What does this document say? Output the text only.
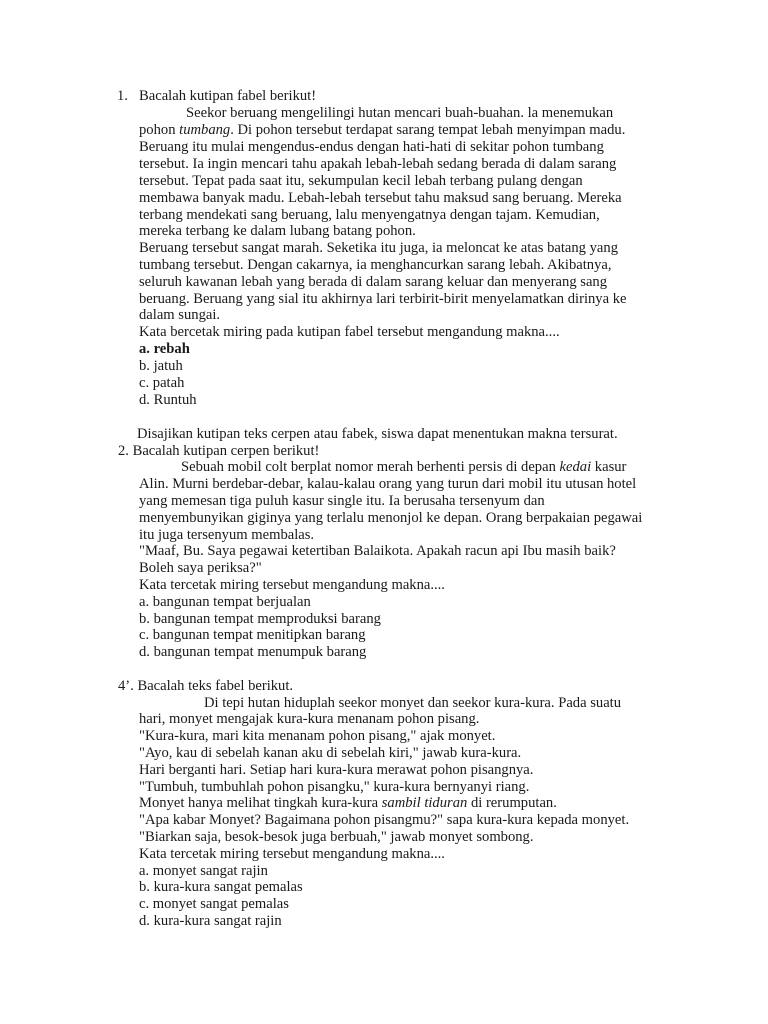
1. Bacalah kutipan fabel berikut!
Seekor beruang mengelilingi hutan mencari buah-buahan. la menemukan
pohon tumbang. Di pohon tersebut terdapat sarang tempat lebah menyimpan madu.
Beruang itu mulai mengendus-endus dengan hati-hati di sekitar pohon tumbang
tersebut. Ia ingin mencari tahu apakah lebah-lebah sedang berada di dalam sarang
tersebut. Tepat pada saat itu, sekumpulan kecil lebah terbang pulang dengan
membawa banyak madu. Lebah-lebah tersebut tahu maksud sang beruang. Mereka
terbang mendekati sang beruang, lalu menyengatnya dengan tajam. Kemudian,
mereka terbang ke dalam lubang batang pohon.
Beruang tersebut sangat marah. Seketika itu juga, ia meloncat ke atas batang yang
tumbang tersebut. Dengan cakarnya, ia menghancurkan sarang lebah. Akibatnya,
seluruh kawanan lebah yang berada di dalam sarang keluar dan menyerang sang
beruang. Beruang yang sial itu akhirnya lari terbirit-birit menyelamatkan dirinya ke
dalam sungai.
Kata bercetak miring pada kutipan fabel tersebut mengandung makna....
a. rebah
b. jatuh
c. patah
d. Runtuh
Disajikan kutipan teks cerpen atau fabek, siswa dapat menentukan makna tersurat.
2. Bacalah kutipan cerpen berikut!
Sebuah mobil colt berplat nomor merah berhenti persis di depan kedai kasur
Alin. Murni berdebar-debar, kalau-kalau orang yang turun dari mobil itu utusan hotel
yang memesan tiga puluh kasur single itu. Ia berusaha tersenyum dan
menyembunyikan giginya yang terlalu menonjol ke depan. Orang berpakaian pegawai
itu juga tersenyum membalas.
"Maaf, Bu. Saya pegawai ketertiban Balaikota. Apakah racun api Ibu masih baik?
Boleh saya periksa?"
Kata tercetak miring tersebut mengandung makna....
a. bangunan tempat berjualan
b. bangunan tempat memproduksi barang
c. bangunan tempat menitipkan barang
d. bangunan tempat menumpuk barang
4’. Bacalah teks fabel berikut.
Di tepi hutan hiduplah seekor monyet dan seekor kura-kura. Pada suatu
hari, monyet mengajak kura-kura menanam pohon pisang.
"Kura-kura, mari kita menanam pohon pisang," ajak monyet.
"Ayo, kau di sebelah kanan aku di sebelah kiri," jawab kura-kura.
Hari berganti hari. Setiap hari kura-kura merawat pohon pisangnya.
"Tumbuh, tumbuhlah pohon pisangku," kura-kura bernyanyi riang.
Monyet hanya melihat tingkah kura-kura sambil tiduran di rerumputan.
"Apa kabar Monyet? Bagaimana pohon pisangmu?" sapa kura-kura kepada monyet.
"Biarkan saja, besok-besok juga berbuah," jawab monyet sombong.
Kata tercetak miring tersebut mengandung makna....
a. monyet sangat rajin
b. kura-kura sangat pemalas
c. monyet sangat pemalas
d. kura-kura sangat rajin
